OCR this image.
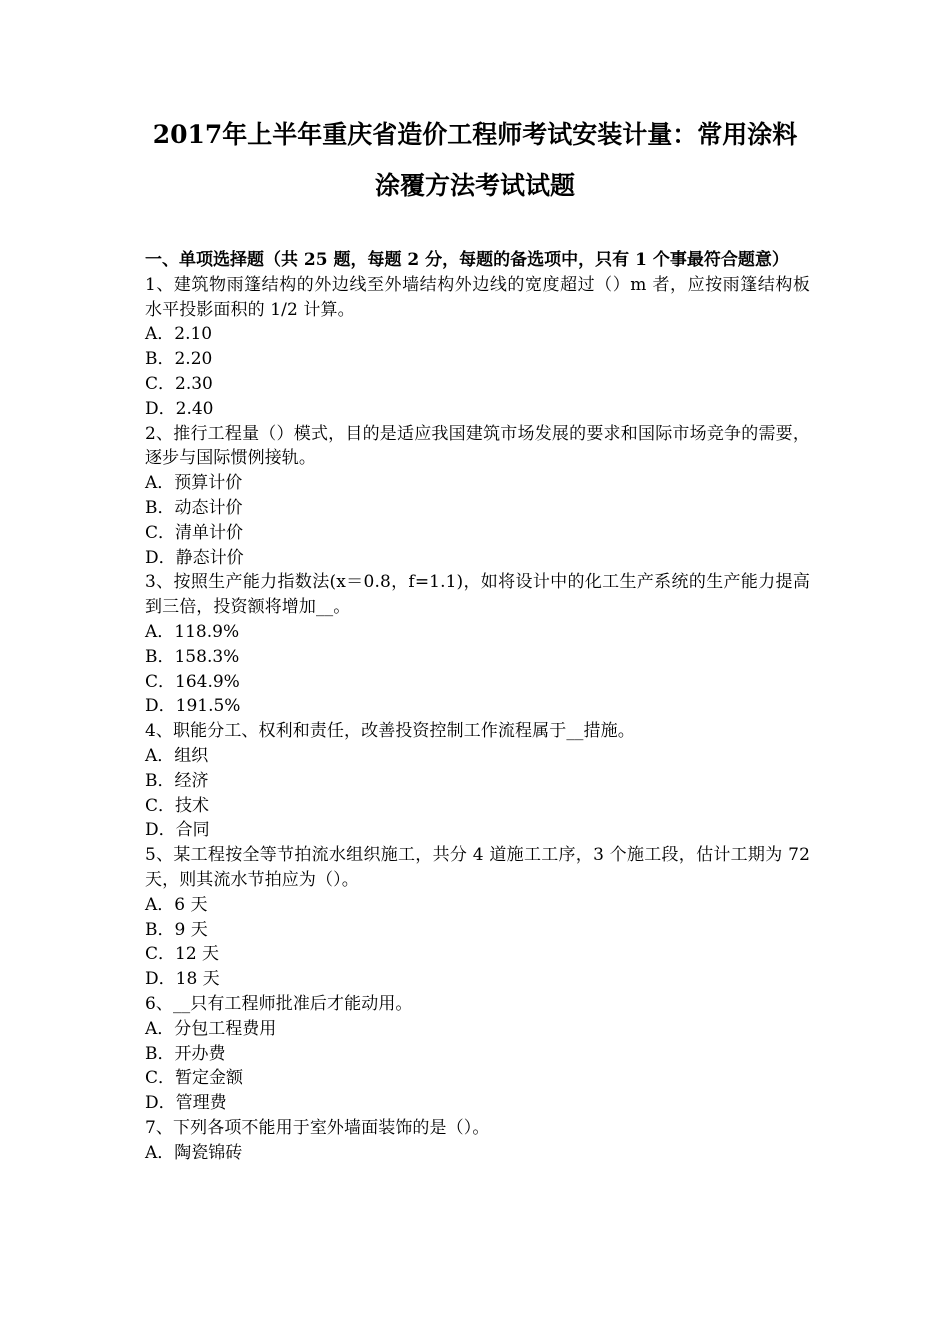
2017年上半年重庆省造价工程师考试安装计量：常用涂料
涂覆方法考试试题

一、单项选择题（共 25 题，每题 2 分，每题的备选项中，只有 1 个事最符合题意）

1、建筑物雨篷结构的外边线至外墙结构外边线的宽度超过（）m 者，应按雨篷结构板水平投影面积的 1/2 计算。

A．2.10

B．2.20

C．2.30

D．2.40

2、推行工程量（）模式，目的是适应我国建筑市场发展的要求和国际市场竞争的需要，逐步与国际惯例接轨。

A．预算计价

B．动态计价

C．清单计价

D．静态计价

3、按照生产能力指数法(x＝0.8，f=1.1)，如将设计中的化工生产系统的生产能力提高到三倍，投资额将增加__。

A．118.9%

B．158.3%

C．164.9%

D．191.5%

4、职能分工、权利和责任，改善投资控制工作流程属于__措施。

A．组织

B．经济

C．技术

D．合同

5、某工程按全等节拍流水组织施工，共分 4 道施工工序，3 个施工段，估计工期为 72 天，则其流水节拍应为（）。

A．6 天

B．9 天

C．12 天

D．18 天

6、__只有工程师批准后才能动用。

A．分包工程费用

B．开办费

C．暂定金额

D．管理费

7、下列各项不能用于室外墙面装饰的是（）。

A．陶瓷锦砖
